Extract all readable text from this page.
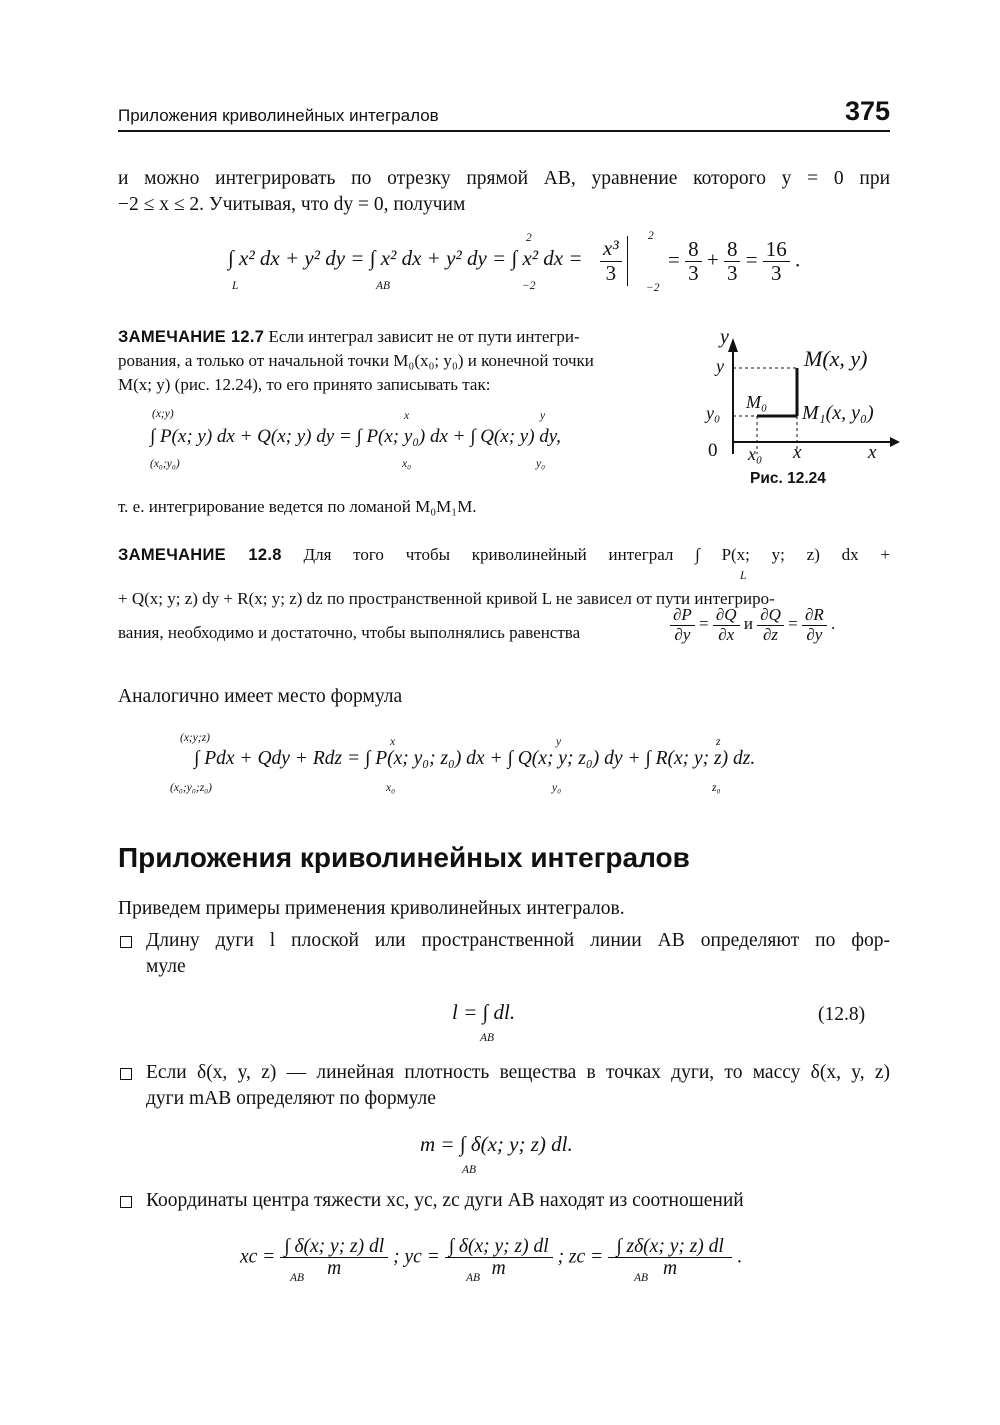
Приложения криволинейных интегралов	375
и можно интегрировать по отрезку прямой AB, уравнение которого y = 0 при
−2 ≤ x ≤ 2. Учитывая, что dy = 0, получим
∫ x² dx + y² dy = ∫ x² dx + y² dy = ∫ x² dx =
L	AB	−2
2	$\frac{\text{x³}}{3}$

2
−2
= $\frac{8}{3} + \frac{8}{3} = \frac{16}{3}$ .
ЗАМЕЧАНИЕ 12.7 Если интеграл зависит не от пути интегри-
рования, а только от начальной точки M₀(x₀; y₀) и конечной точки
M(x; y) (рис. 12.24), то его принято записывать так:
∫ P(x; y) dx + Q(x; y) dy = ∫ P(x; y₀) dx + ∫ Q(x; y) dy,
(x;y)
(x₀;y₀)
x
x₀
y
y₀
т. е. интегрирование ведется по ломаной M₀M₁M.
y
y
y₀
M(x, y)
M₀ M₁(x, y₀)
0 x₀ x	x
Рис. 12.24
ЗАМЕЧАНИЕ 12.8 Для того чтобы криволинейный интеграл ∫ P(x; y; z) dx +
L
+ Q(x; y; z) dy + R(x; y; z) dz по пространственной кривой L не зависел от пути интегриро-
вания, необходимо и достаточно, чтобы выполнялись равенства	$\frac{\partial P}{\partial y} = \frac{\partial Q}{\partial x}$ и $\frac{\partial Q}{\partial z} = \frac{\partial R}{\partial y}$ .
Аналогично имеет место формула
∫ Pdx + Qdy + Rdz = ∫ P(x; y₀; z₀) dx + ∫ Q(x; y; z₀) dy + ∫ R(x; y; z) dz.
(x;y;z)
(x₀;y₀;z₀)
x
x₀
y
y₀
z
z₀
Приложения криволинейных интегралов
Приведем примеры применения криволинейных интегралов.
Длину дуги l плоской или пространственной линии AB определяют по фор-
муле
l = ∫ dl.
AB
(12.8)
Если δ(x, y, z) — линейная плотность вещества в точках дуги, то массу δ(x, y, z)
дуги mAB определяют по формуле
m = ∫ δ(x; y; z) dl.
AB
Координаты центра тяжести xc, yc, zc дуги AB находят из соотношений
xc = $\frac{\int \delta(x; y; z) dl}{m}$ ; yc = $\frac{\int \delta(x; y; z) dl}{m}$ ; zc = $\frac{\int z\delta(x; y; z) dl}{m}$ .
AB	AB	AB
